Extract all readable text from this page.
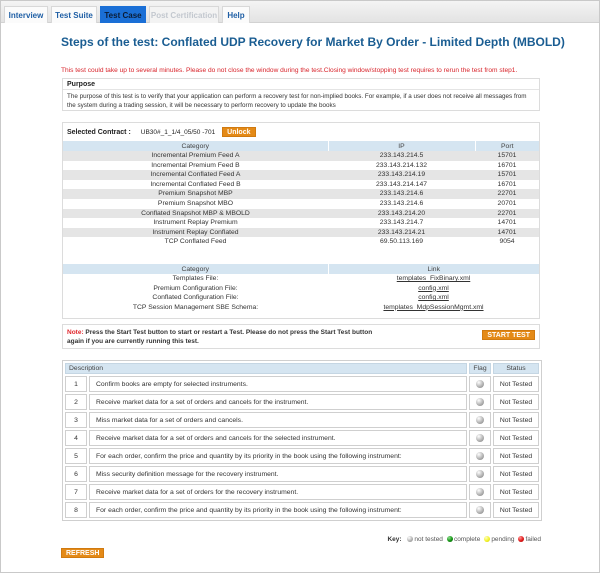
Interview	Test Suite	Test Case	Post Certification	Help
Steps of the test: Conflated UDP Recovery for Market By Order - Limited Depth (MBOLD)
This test could take up to several minutes. Please do not close the window during the test.Closing window/stopping test requires to rerun the test from step1.
Purpose
The purpose of this test is to verify that your application can perform a recovery test for non-implied books. For example, if a user does not receive all messages from the system during a trading session, it will be necessary to perform recovery to update the books
Selected Contract : UB30#_1_1/4_05/50 -701 Unlock
Category	IP	Port
Incremental Premium Feed A	233.143.214.5	15701
Incremental Premium Feed B	233.143.214.132	16701
Incremental Conflated Feed A	233.143.214.19	15701
Incremental Conflated Feed B	233.143.214.147	16701
Premium Snapshot MBP	233.143.214.6	22701
Premium Snapshot MBO	233.143.214.6	20701
Conflated Snapshot MBP & MBOLD	233.143.214.20	22701
Instrument Replay Premium	233.143.214.7	14701
Instrument Replay Conflated	233.143.214.21	14701
TCP Conflated Feed	69.50.113.169	9054
Category	Link
Templates File:	templates_FixBinary.xml
Premium Configuration File:	config.xml
Conflated Configuration File:	config.xml
TCP Session Management SBE Schema:	templates_MdpSessionMgmt.xml
Note: Press the Start Test button to start or restart a Test. Please do not press the Start Test button
again if you are currently running this test.
START TEST
Description		Flag	Status
1	Confirm books are empty for selected instruments.		Not Tested
2	Receive market data for a set of orders and cancels for the instrument.		Not Tested
3	Miss market data for a set of orders and cancels.		Not Tested
4	Receive market data for a set of orders and cancels for the selected instrument.		Not Tested
5	For each order, confirm the price and quantity by its priority in the book using the following instrument:		Not Tested
6	Miss security definition message for the recovery instrument.		Not Tested
7	Receive market data for a set of orders for the recovery instrument.		Not Tested
8	For each order, confirm the price and quantity by its priority in the book using the following instrument:		Not Tested
Key: not tested complete pending failed
REFRESH
